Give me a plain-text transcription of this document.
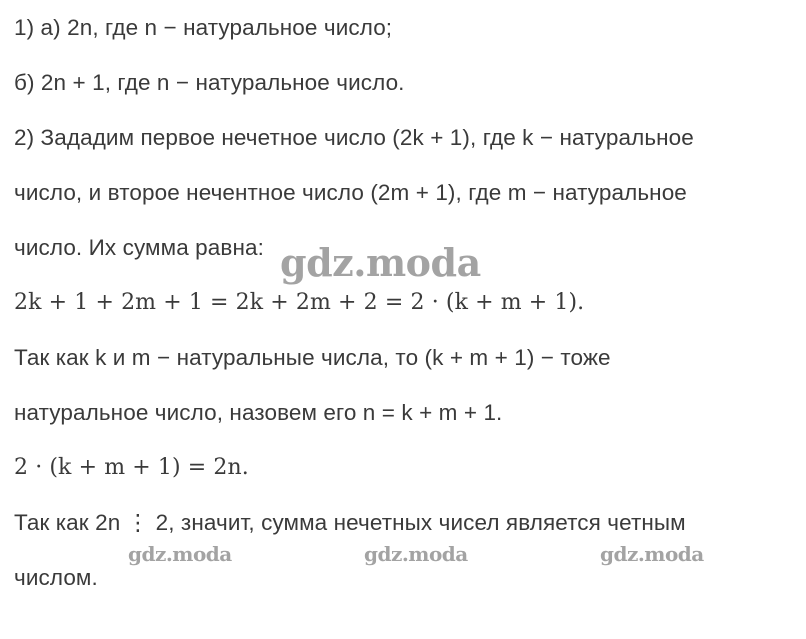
1) а) 2n, где n − натуральное число;
б) 2n + 1, где n − натуральное число.
2) Зададим первое нечетное число (2k + 1), где k − натуральное
число, и второе нечентное число (2m + 1), где m − натуральное
число. Их сумма равна:
2k + 1 + 2m + 1 = 2k + 2m + 2 = 2 · (k + m + 1).
Так как k и m − натуральные числа, то (k + m + 1) − тоже
натуральное число, назовем его n = k + m + 1.
2 · (k + m + 1) = 2n.
Так как 2n ⋮ 2, значит, сумма нечетных чисел является четным
числом.
gdz.moda
gdz.moda	gdz.moda	gdz.moda
